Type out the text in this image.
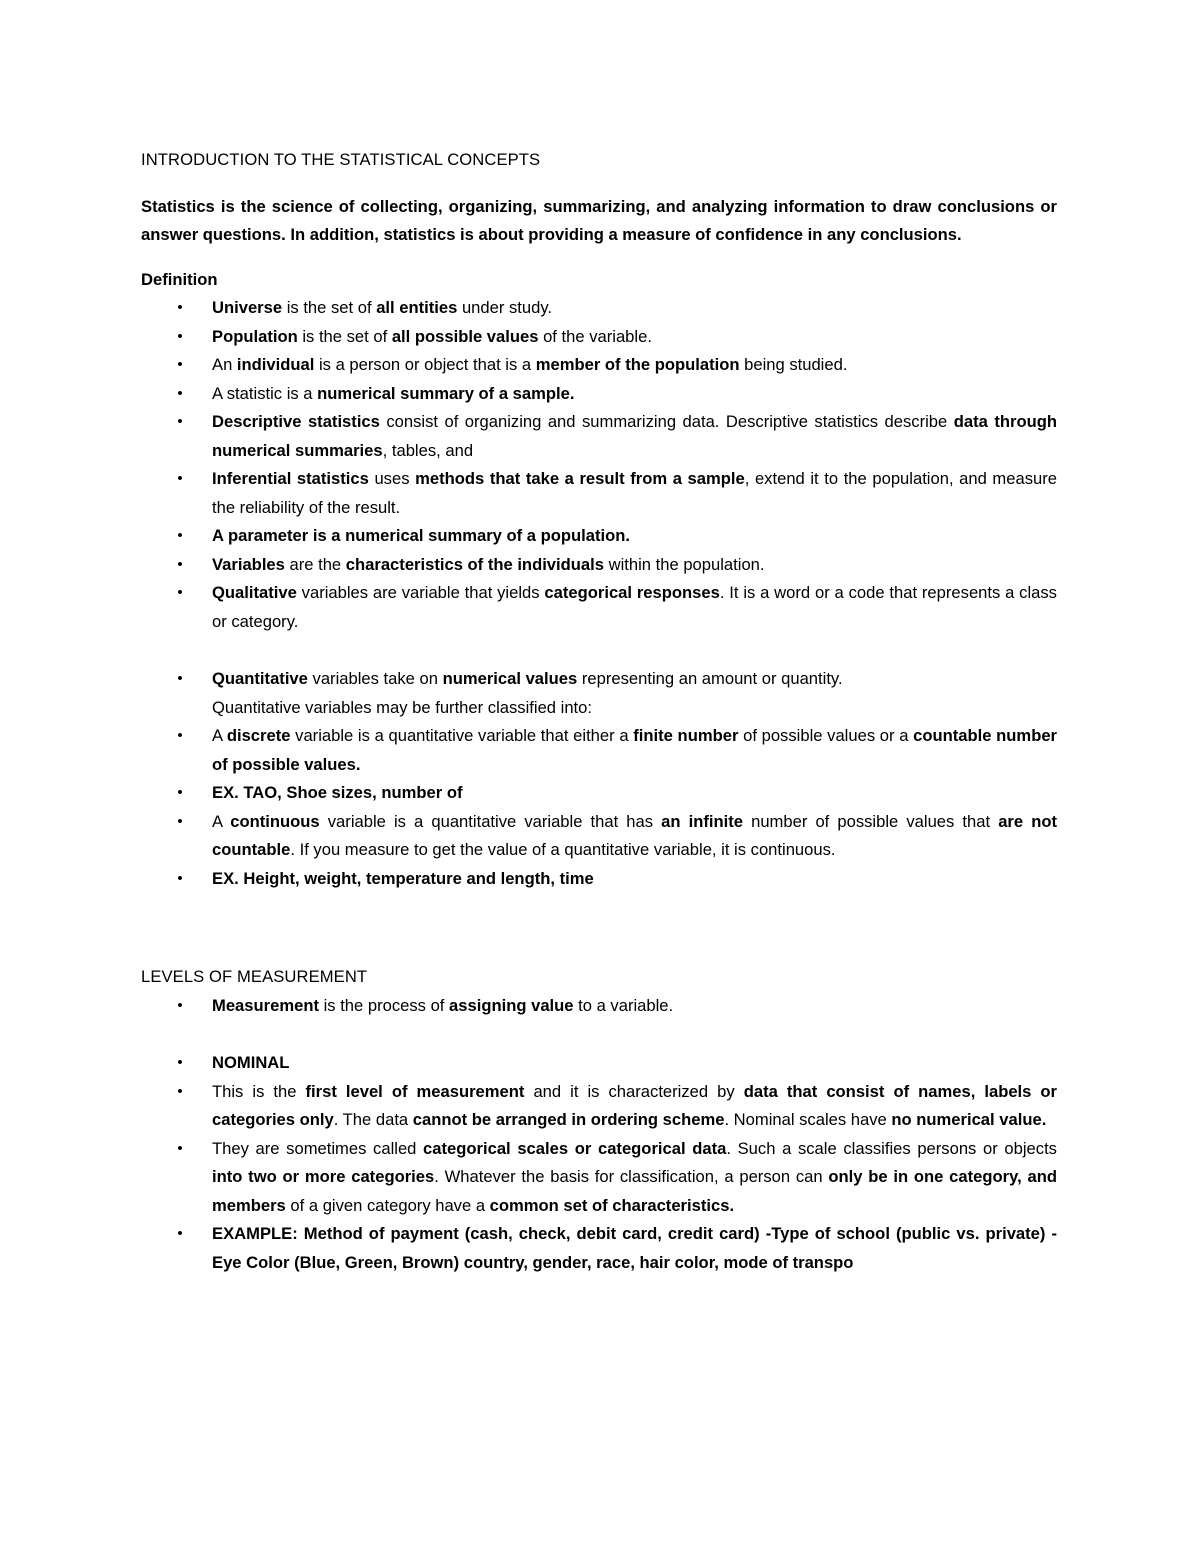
INTRODUCTION TO THE STATISTICAL CONCEPTS

Statistics is the science of collecting, organizing, summarizing, and analyzing information to draw conclusions or answer questions. In addition, statistics is about providing a measure of confidence in any conclusions.

Definition

• Universe is the set of all entities under study.
• Population is the set of all possible values of the variable.
• An individual is a person or object that is a member of the population being studied.
• A statistic is a numerical summary of a sample.
• Descriptive statistics consist of organizing and summarizing data. Descriptive statistics describe data through numerical summaries, tables, and
• Inferential statistics uses methods that take a result from a sample, extend it to the population, and measure the reliability of the result.
• A parameter is a numerical summary of a population.
• Variables are the characteristics of the individuals within the population.
• Qualitative variables are variable that yields categorical responses. It is a word or a code that represents a class or category.
• Quantitative variables take on numerical values representing an amount or quantity.

Quantitative variables may be further classified into:

• A discrete variable is a quantitative variable that either a finite number of possible values or a countable number of possible values.
• EX. TAO, Shoe sizes, number of
• A continuous variable is a quantitative variable that has an infinite number of possible values that are not countable. If you measure to get the value of a quantitative variable, it is continuous.
• EX. Height, weight, temperature and length, time

LEVELS OF MEASUREMENT

• Measurement is the process of assigning value to a variable.
• NOMINAL
• This is the first level of measurement and it is characterized by data that consist of names, labels or categories only. The data cannot be arranged in ordering scheme. Nominal scales have no numerical value.
• They are sometimes called categorical scales or categorical data. Such a scale classifies persons or objects into two or more categories. Whatever the basis for classification, a person can only be in one category, and members of a given category have a common set of characteristics.
• EXAMPLE: Method of payment (cash, check, debit card, credit card) -Type of school (public vs. private) - Eye Color (Blue, Green, Brown) country, gender, race, hair color, mode of transpo
